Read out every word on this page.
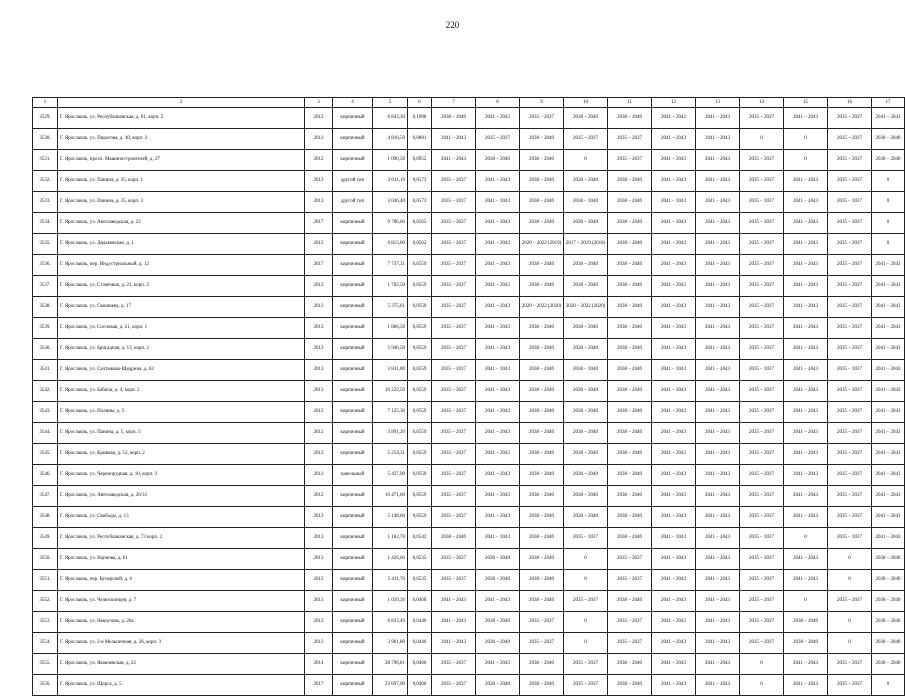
220
1	2	3	4	5	6	7	8	9	10	11	12	13	14	15	16	17
3529.	Г. Ярославль, ул. Республиканская, д. 81, корп. 2	2012	кирпичный	6 843,30	0,1098	2038 – 2040	2041 – 2043	2035 – 2037	2038 – 2040	2038 – 2040	2041 – 2042	2041 – 2043	2035 – 2037	2041 – 2043	2035 – 2037	2041 – 2043
3530.	Г. Ярославль, ул. Пирогова, д. 40, корп. 2	2012	кирпичный	4 816,50	0,0881	2041 – 2043	2035 – 2037	2038 – 2040	2035 – 2037	2035 – 2037	2041 – 2043	2041 – 2043	0	0	2035 – 2037	2038 – 2040
3531.	Г. Ярославль, просп. Машиностроителей, д. 27	2012	кирпичный	1 090,50	0,0952	2041 – 2043	2038 – 2040	2038 – 2040	0	2035 – 2037	2041 – 2043	2041 – 2043	2035 – 2037	0	2035 – 2037	2038 – 2040
3532.	Г. Ярославль, ул. Панина, д. 35, корп. 1	2013	другой тип	3 011,10	0,0573	2035 – 2037	2041 – 2043	2038 – 2040	2038 – 2040	2038 – 2040	2041 – 2043	2041 – 2043	2035 – 2037	2041 – 2043	2035 – 2037	0
3533.	Г. Ярославль, ул. Панина, д. 35, корп. 3	2013	другой тип	3 046,40	0,0573	2035 – 2037	2041 – 2043	2038 – 2040	2038 – 2040	2038 – 2040	2041 – 2043	2041 – 2043	2035 – 2037	2041 – 2043	2035 – 2037	0
3534.	Г. Ярославль, ул. Автозаводская, д. 23	2017	кирпичный	9 786,60	0,0565	2035 – 2037	2041 – 2043	2038 – 2040	2038 – 2040	2038 – 2040	2041 – 2043	2041 – 2043	2035 – 2037	2041 – 2043	2035 – 2037	0
3535.	Г. Ярославль, ул. Дядьковская, д. 1	2013	кирпичный	6 813,00	0,0562	2035 – 2037	2041 – 2043	2020 – 2022 (2019)	2017 – 2019 (2018)	2038 – 2040	2041 – 2043	2041 – 2043	2035 – 2037	2041 – 2043	2035 – 2037	0
3536.	Г. Ярославль, пер. Индустриальный, д. 12	2017	кирпичный	7 737,31	0,0559	2035 – 2037	2041 – 2043	2038 – 2040	2038 – 2040	2038 – 2040	2041 – 2043	2041 – 2043	2035 – 2037	2041 – 2043	2035 – 2037	2041 – 2043
3537.	Г. Ярославль, ул. Стачечная, д. 21, корп. 2	2013	кирпичный	1 702,50	0,0559	2035 – 2037	2041 – 2043	2038 – 2040	2038 – 2040	2038 – 2040	2041 – 2043	2041 – 2043	2035 – 2037	2041 – 2043	2035 – 2037	2041 – 2043
3538.	Г. Ярославль, ул. Своишева, д. 17	2013	кирпичный	5 375,61	0,0559	2035 – 2037	2041 – 2043	2020 – 2022 (2020)	2020 – 2022 (2020)	2038 – 2040	2041 – 2043	2041 – 2043	2035 – 2037	2041 – 2043	2035 – 2037	2041 – 2043
3539.	Г. Ярославль, ул. Сосновая, д. 21, корп. 1	2013	кирпичный	1 866,50	0,0559	2035 – 2037	2041 – 2043	2038 – 2040	2038 – 2040	2038 – 2040	2041 – 2043	2041 – 2043	2035 – 2037	2041 – 2043	2035 – 2037	2041 – 2043
3540.	Г. Ярославль, ул. Бригадная, д. 13, корп. 2	2013	кирпичный	5 946,50	0,0559	2035 – 2037	2041 – 2043	2038 – 2040	2038 – 2040	2038 – 2040	2041 – 2043	2041 – 2043	2035 – 2037	2041 – 2043	2035 – 2037	2041 – 2043
3541.	Г. Ярославль, ул. Салтыкова-Щедрина, д. 62	2013	кирпичный	3 831,80	0,0559	2035 – 2037	2041 – 2043	2038 – 2040	2038 – 2040	2038 – 2040	2041 – 2043	2041 – 2043	2035 – 2037	2041 – 2043	2035 – 2037	2041 – 2043
3542.	Г. Ярославль, ул. Бабича, д. 4, корп. 2	2013	кирпичный	10 222,50	0,0559	2035 – 2037	2041 – 2043	2038 – 2040	2038 – 2040	2038 – 2040	2041 – 2043	2041 – 2043	2035 – 2037	2041 – 2043	2035 – 2037	2041 – 2043
3543.	Г. Ярославль, ул. Полины, д. 5	2013	кирпичный	7 125,30	0,0559	2035 – 2037	2041 – 2043	2038 – 2040	2038 – 2040	2038 – 2040	2041 – 2043	2041 – 2043	2035 – 2037	2041 – 2043	2035 – 2037	2041 – 2043
3544.	Г. Ярославль, ул. Панина, д. 5, корп. 5	2012	кирпичный	3 891,20	0,0559	2035 – 2037	2041 – 2043	2038 – 2040	2038 – 2040	2038 – 2040	2041 – 2043	2041 – 2043	2035 – 2037	2041 – 2043	2035 – 2037	2041 – 2043
3545.	Г. Ярославль, ул. Кривова, д. 53, корп. 2	2013	кирпичный	5 254,31	0,0559	2035 – 2037	2041 – 2043	2038 – 2040	2038 – 2040	2038 – 2040	2041 – 2043	2041 – 2043	2035 – 2037	2041 – 2043	2035 – 2037	2041 – 2043
3546.	Г. Ярославль, ул. Чернопрудная, д. 10, корп. 3	2012	панельный	5 427,90	0,0559	2035 – 2037	2041 – 2043	2038 – 2040	2038 – 2040	2038 – 2040	2041 – 2043	2041 – 2043	2035 – 2037	2041 – 2043	2035 – 2037	2041 – 2043
3547.	Г. Ярославль, ул. Автозаводская, д. 26/33	2012	кирпичный	10 471,60	0,0559	2035 – 2037	2041 – 2043	2038 – 2040	2038 – 2040	2038 – 2040	2041 – 2043	2041 – 2043	2035 – 2037	2041 – 2043	2035 – 2037	2041 – 2043
3548.	Г. Ярославль, ул. Свободы, д. 13	2013	кирпичный	5 148,60	0,0559	2035 – 2037	2041 – 2043	2038 – 2040	2038 – 2040	2038 – 2040	2041 – 2043	2041 – 2043	2035 – 2037	2041 – 2043	2035 – 2037	2041 – 2043
3549.	Г. Ярославль, ул. Республиканская, д. 73 корп. 2	2013	кирпичный	1 162,70	0,0542	2038 – 2040	2041 – 2043	2038 – 2040	2035 – 2037	2038 – 2040	2041 – 2043	2041 – 2043	2035 – 2037	0	2035 – 2037	2041 – 2043
3550.	Г. Ярославль, ул. Наумова, д. 61	2013	кирпичный	1 426,60	0,0535	2035 – 2037	2038 – 2040	2038 – 2040	0	2035 – 2037	2041 – 2043	2041 – 2043	2035 – 2037	2041 – 2043	0	2038 – 2040
3551.	Г. Ярославль, пер. Кучерской, д. 6	2013	кирпичный	5 411,70	0,0535	2035 – 2037	2038 – 2040	2038 – 2040	0	2035 – 2037	2041 – 2043	2041 – 2043	2035 – 2037	2041 – 2043	0	2038 – 2040
3552.	Г. Ярославль, ул. Челюскинцев, д. 7	2013	кирпичный	1 039,36	0,0468	2041 – 2043	2041 – 2043	2038 – 2040	2035 – 2037	2038 – 2040	2041 – 2043	2041 – 2043	2035 – 2037	0	2035 – 2037	2038 – 2040
3553.	Г. Ярославль, ул. Некоузова, д. 26а	2013	кирпичный	6 833,49	0,0446	2041 – 2043	2038 – 2040	2035 – 2037	0	2035 – 2037	2041 – 2043	2041 – 2043	2035 – 2037	2038 – 2040	0	2038 – 2040
3554.	Г. Ярославль, ул. 2-я Мельничная, д. 36, корп. 3	2013	кирпичный	3 901,80	0,0446	2041 – 2043	2038 – 2040	2035 – 2037	0	2035 – 2037	2041 – 2043	2041 – 2043	2035 – 2037	2038 – 2040	0	2038 – 2040
3555.	Г. Ярославль, ул. Яковлевская, д. 22	2014	кирпичный	28 796,81	0,0406	2035 – 2037	2041 – 2043	2038 – 2040	2035 – 2037	2038 – 2040	2041 – 2043	2041 – 2043	0	2041 – 2043	2035 – 2037	2038 – 2040
3556.	Г. Ярославль, ул. Щорса, д. 5	2017	кирпичный	23 697,90	0,0406	2035 – 2037	2038 – 2040	2038 – 2040	2035 – 2037	2038 – 2040	2041 – 2043	2041 – 2043	0	2041 – 2043	2035 – 2037	0
